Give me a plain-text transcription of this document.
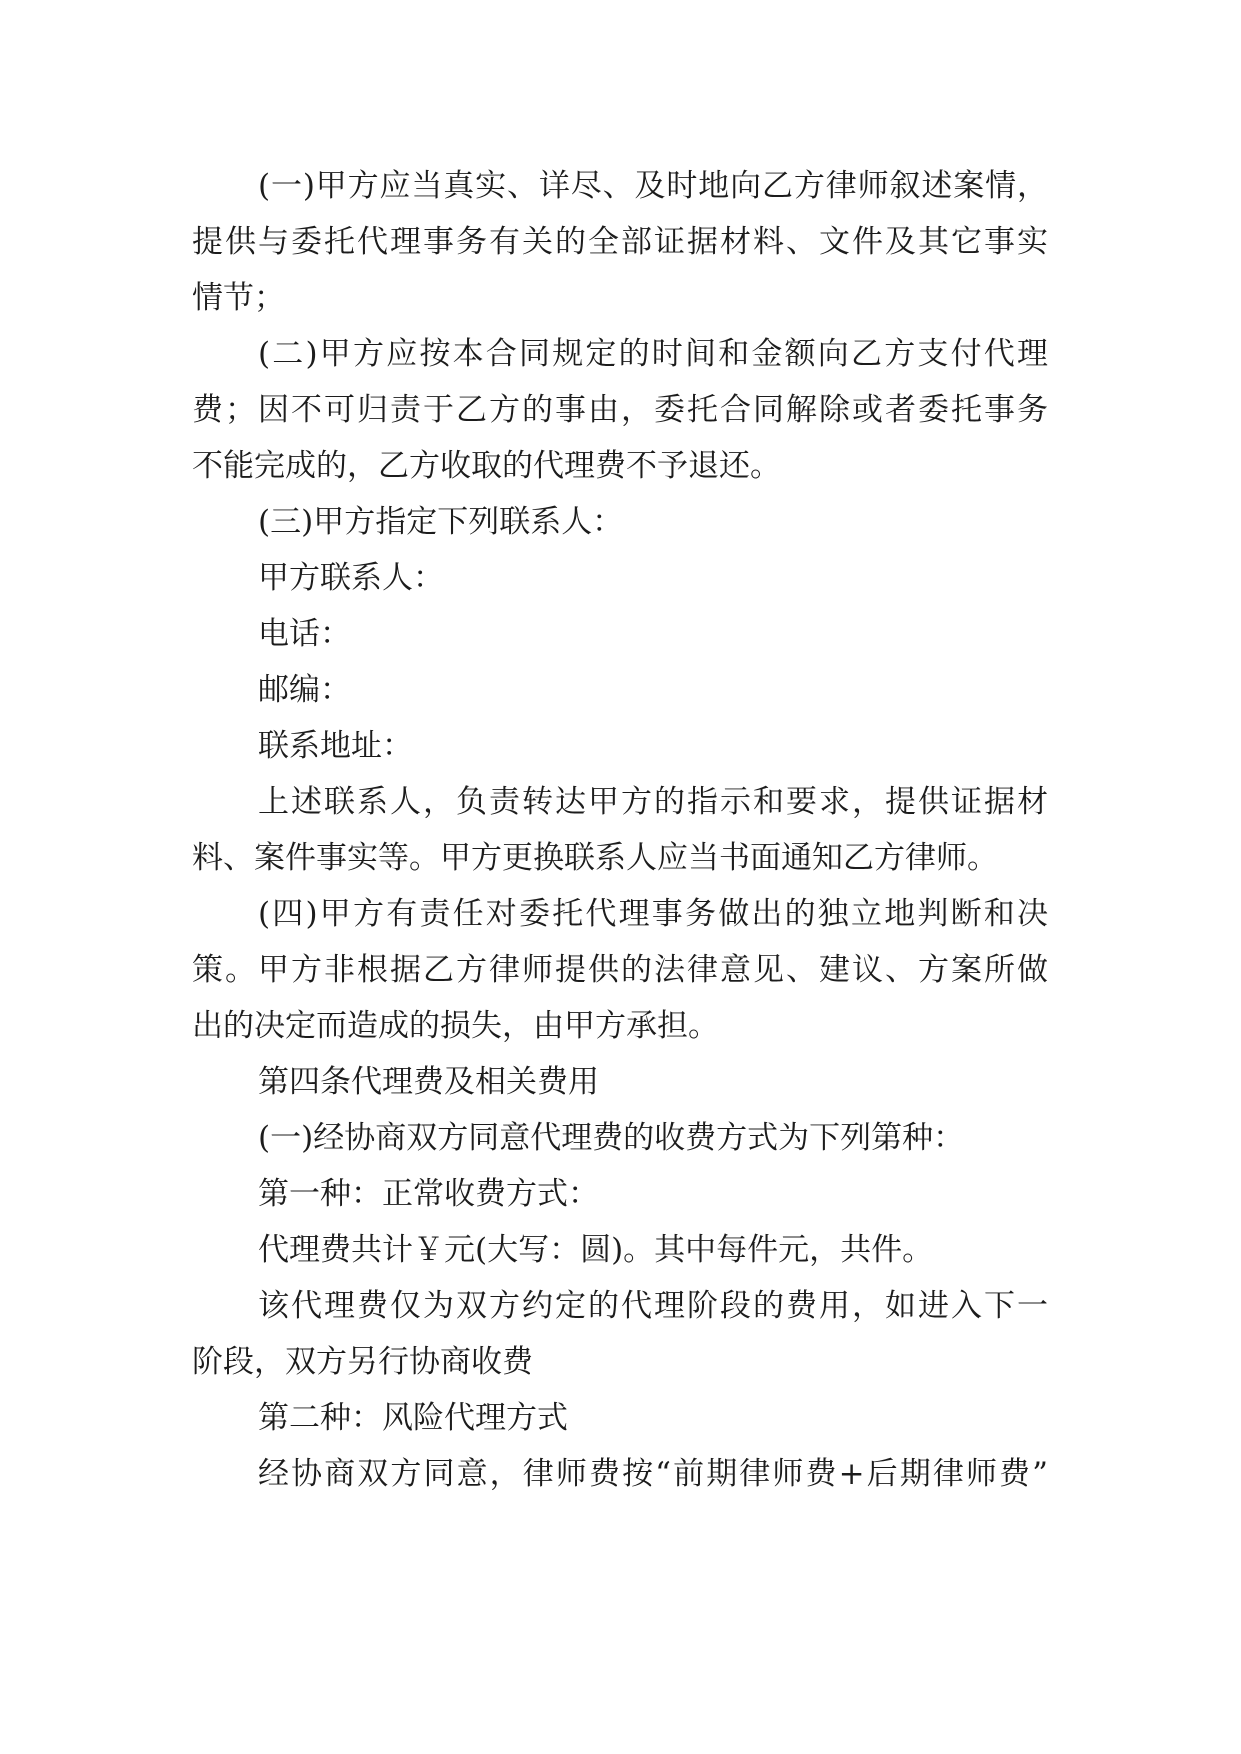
(一)甲方应当真实、详尽、及时地向乙方律师叙述案情，
提供与委托代理事务有关的全部证据材料、文件及其它事实
情节；
(二)甲方应按本合同规定的时间和金额向乙方支付代理
费；因不可归责于乙方的事由，委托合同解除或者委托事务
不能完成的，乙方收取的代理费不予退还。
(三)甲方指定下列联系人：
甲方联系人：
电话：
邮编：
联系地址：
上述联系人，负责转达甲方的指示和要求，提供证据材
料、案件事实等。甲方更换联系人应当书面通知乙方律师。
(四)甲方有责任对委托代理事务做出的独立地判断和决
策。甲方非根据乙方律师提供的法律意见、建议、方案所做
出的决定而造成的损失，由甲方承担。
第四条代理费及相关费用
(一)经协商双方同意代理费的收费方式为下列第种：
第一种：正常收费方式：
代理费共计￥元(大写：圆)。其中每件元，共件。
该代理费仅为双方约定的代理阶段的费用，如进入下一
阶段，双方另行协商收费
第二种：风险代理方式
经协商双方同意，律师费按“前期律师费+后期律师费”
